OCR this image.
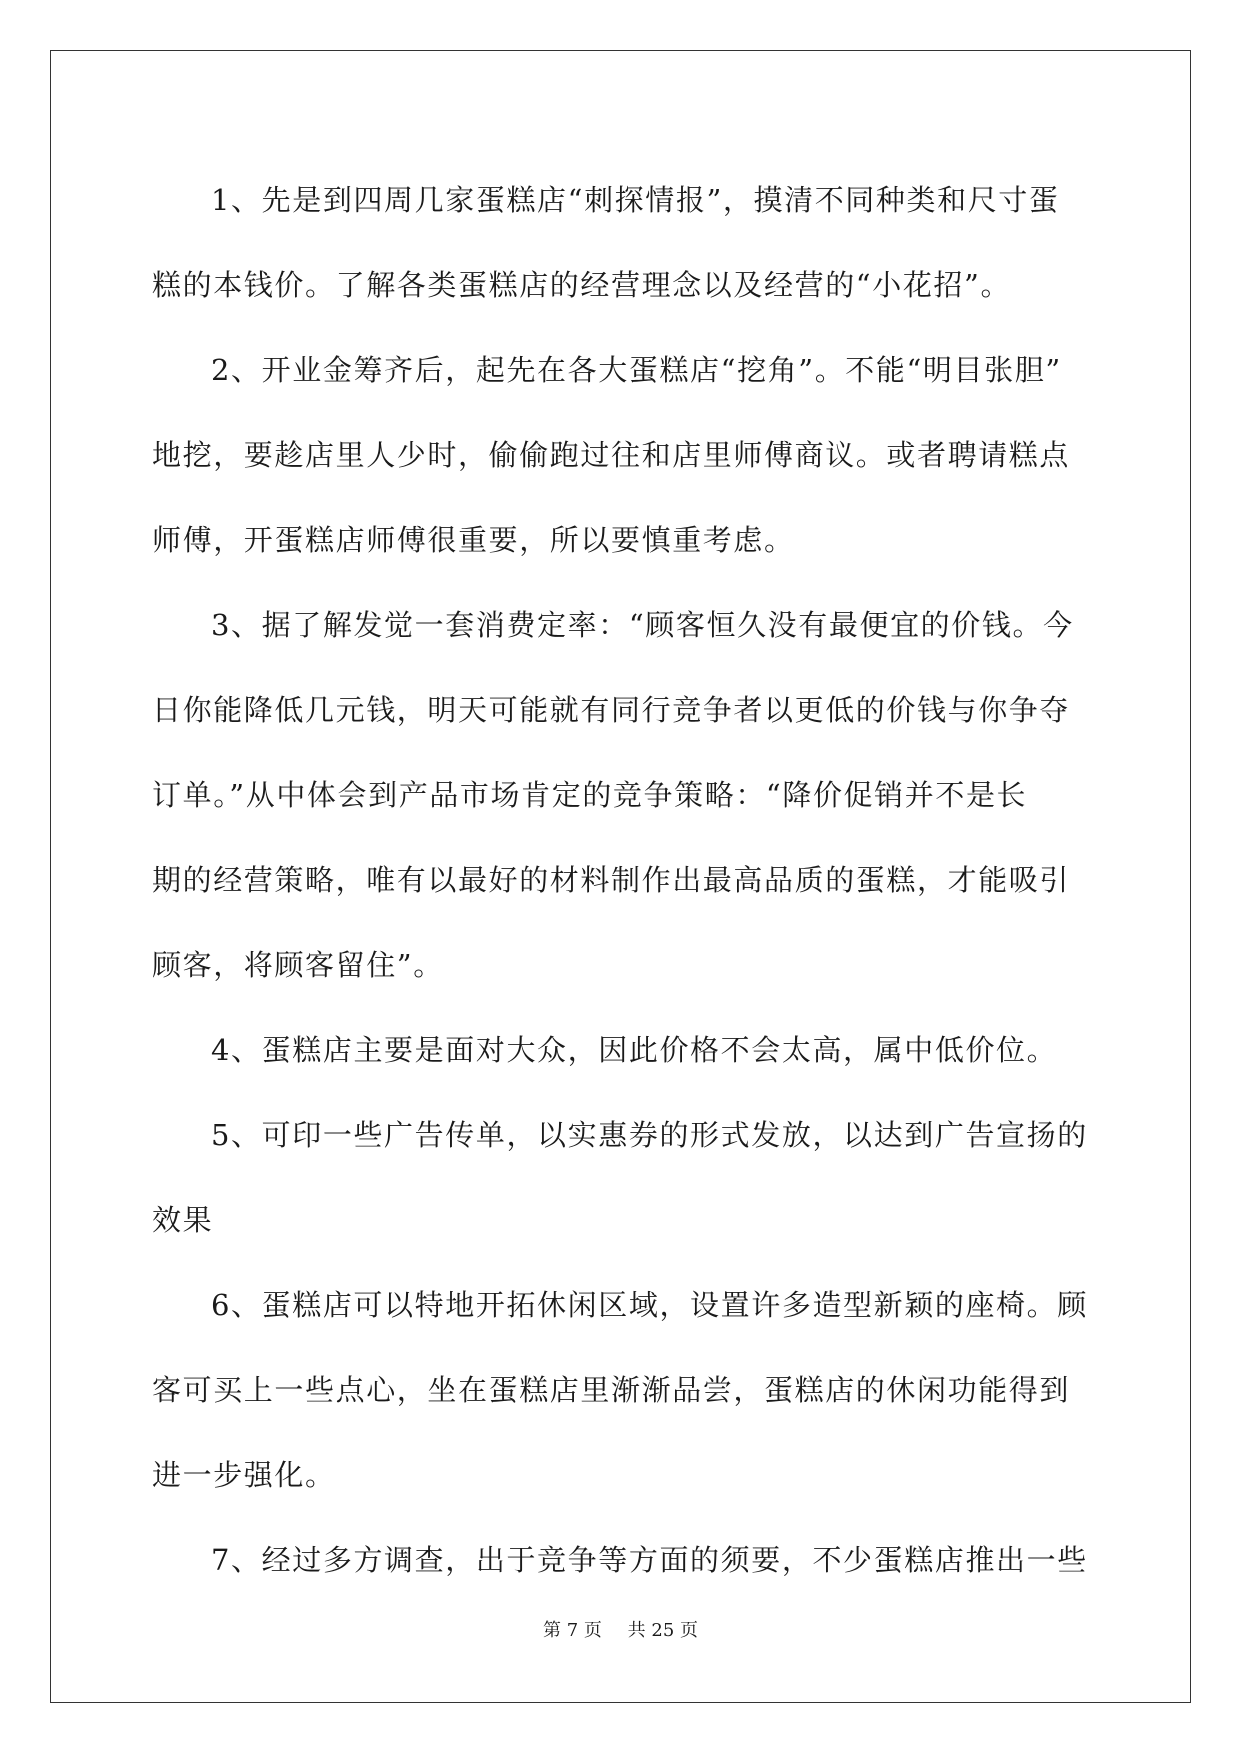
1、先是到四周几家蛋糕店“刺探情报”，摸清不同种类和尺寸蛋
糕的本钱价。了解各类蛋糕店的经营理念以及经营的“小花招”。

2、开业金筹齐后，起先在各大蛋糕店“挖角”。不能“明目张胆”
地挖，要趁店里人少时，偷偷跑过往和店里师傅商议。或者聘请糕点
师傅，开蛋糕店师傅很重要，所以要慎重考虑。

3、据了解发觉一套消费定率：“顾客恒久没有最便宜的价钱。今
日你能降低几元钱，明天可能就有同行竞争者以更低的价钱与你争夺
订单。”从中体会到产品市场肯定的竞争策略：“降价促销并不是长
期的经营策略，唯有以最好的材料制作出最高品质的蛋糕，才能吸引
顾客，将顾客留住”。

4、蛋糕店主要是面对大众，因此价格不会太高，属中低价位。

5、可印一些广告传单，以实惠券的形式发放，以达到广告宣扬的
效果

6、蛋糕店可以特地开拓休闲区域，设置许多造型新颖的座椅。顾
客可买上一些点心，坐在蛋糕店里渐渐品尝，蛋糕店的休闲功能得到
进一步强化。

7、经过多方调查，出于竞争等方面的须要，不少蛋糕店推出一些

第 7 页 共 25 页
